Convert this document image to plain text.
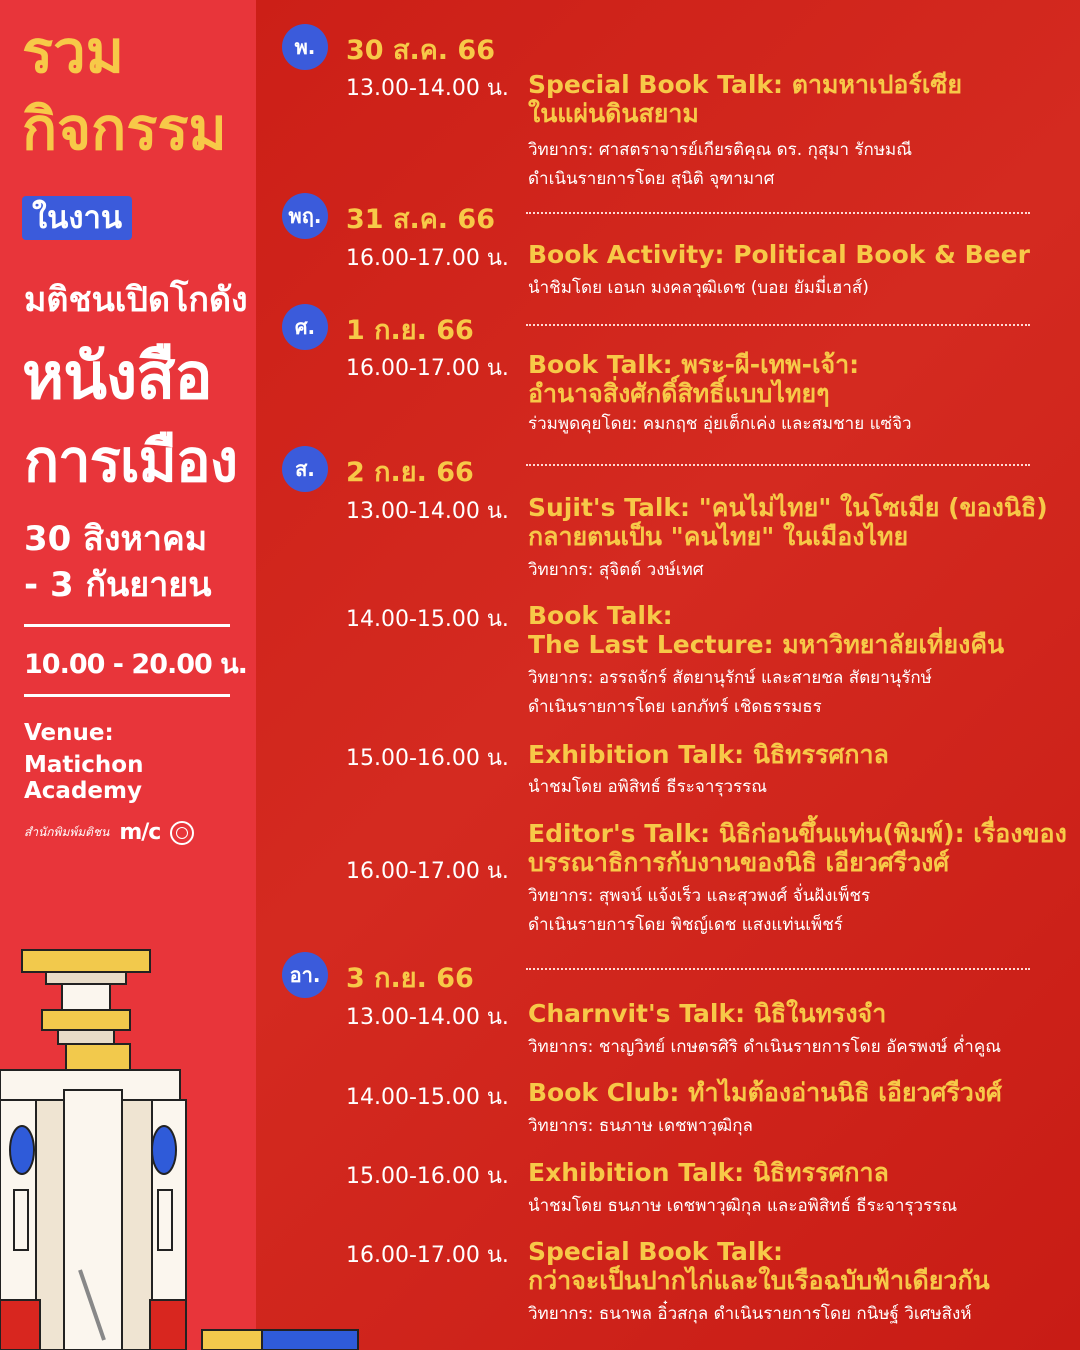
รวม
กิจกรรม
ในงาน
มติชนเปิดโกดัง
หนังสือ
การเมือง
30 สิงหาคม
- 3 กันยายน
10.00 - 20.00 น.
Venue:
Matichon Academy
สำนักพิมพ์มติชน m/c
พ.	30 ส.ค. 66
13.00-14.00 น. Special Book Talk: ตามหาเปอร์เซีย
ในแผ่นดินสยาม
วิทยากร: ศาสตราจารย์เกียรติคุณ ดร. กุสุมา รักษมณี
ดำเนินรายการโดย สุนิติ จุฑามาศ
พฤ. 31 ส.ค. 66
16.00-17.00 น. Book Activity: Political Book & Beer
นำชิมโดย เอนก มงคลวุฒิเดช (บอย ยัมมี่เฮาส์)
ศ.	1 ก.ย. 66
16.00-17.00 น. Book Talk: พระ-ผี-เทพ-เจ้า:
อำนาจสิ่งศักดิ์สิทธิ์แบบไทยๆ
ร่วมพูดคุยโดย: คมกฤช อุ่ยเต็กเค่ง และสมชาย แซ่จิว
ส.	2 ก.ย. 66
13.00-14.00 น. Sujit's Talk: "คนไม่ไทย" ในโซเมีย (ของนิธิ)
กลายตนเป็น "คนไทย" ในเมืองไทย
วิทยากร: สุจิตต์ วงษ์เทศ
14.00-15.00 น. Book Talk:
The Last Lecture: มหาวิทยาลัยเที่ยงคืน
วิทยากร: อรรถจักร์ สัตยานุรักษ์ และสายชล สัตยานุรักษ์
ดำเนินรายการโดย เอกภัทร์ เชิดธรรมธร
15.00-16.00 น. Exhibition Talk: นิธิทรรศกาล
นำชมโดย อพิสิทธ์ ธีระจารุวรรณ
16.00-17.00 น.
Editor's Talk: นิธิก่อนขึ้นแท่น(พิมพ์): เรื่องของ
บรรณาธิการกับงานของนิธิ เอียวศรีวงศ์
วิทยากร: สุพจน์ แจ้งเร็ว และสุวพงศ์ จั่นฝังเพ็ชร
ดำเนินรายการโดย พิชญ์เดช แสงแท่นเพ็ชร์
อา. 3 ก.ย. 66
13.00-14.00 น. Charnvit's Talk: นิธิในทรงจำ
วิทยากร: ชาญวิทย์ เกษตรศิริ ดำเนินรายการโดย อัครพงษ์ ค่ำคูณ
14.00-15.00 น. Book Club: ทำไมต้องอ่านนิธิ เอียวศรีวงศ์
วิทยากร: ธนภาษ เดชพาวุฒิกุล
15.00-16.00 น. Exhibition Talk: นิธิทรรศกาล
นำชมโดย ธนภาษ เดชพาวุฒิกุล และอพิสิทธ์ ธีระจารุวรรณ
16.00-17.00 น. Special Book Talk:
กว่าจะเป็นปากไก่และใบเรือฉบับฟ้าเดียวกัน
วิทยากร: ธนาพล อิ๋วสกุล ดำเนินรายการโดย กนิษฐ์ วิเศษสิงห์
